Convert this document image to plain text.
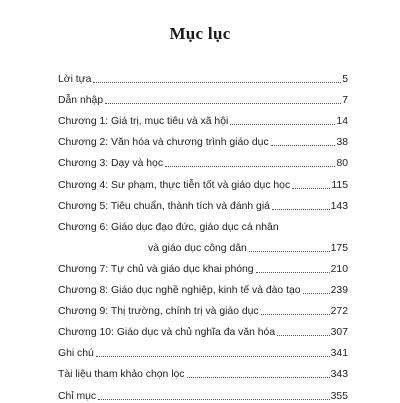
Mục lục
Lời tựa	5
Dẫn nhập	7
Chương 1: Giá trị, mục tiêu và xã hội	14
Chương 2: Văn hóa và chương trình giáo dục	38
Chương 3: Dạy và học	80
Chương 4: Sư phạm, thực tiễn tốt và giáo dục học	115
Chương 5: Tiêu chuẩn, thành tích và đánh giá	143
Chương 6: Giáo dục đạo đức, giáo dục cá nhân
và giáo dục công dân	175
Chương 7: Tự chủ và giáo dục khai phóng	210
Chương 8: Giáo dục nghề nghiệp, kinh tế và đào tạo	239
Chương 9: Thị trường, chính trị và giáo dục	272
Chương 10: Giáo dục và chủ nghĩa đa văn hóa	307
Ghi chú	341
Tài liệu tham khảo chọn lọc	343
Chỉ mục	355
